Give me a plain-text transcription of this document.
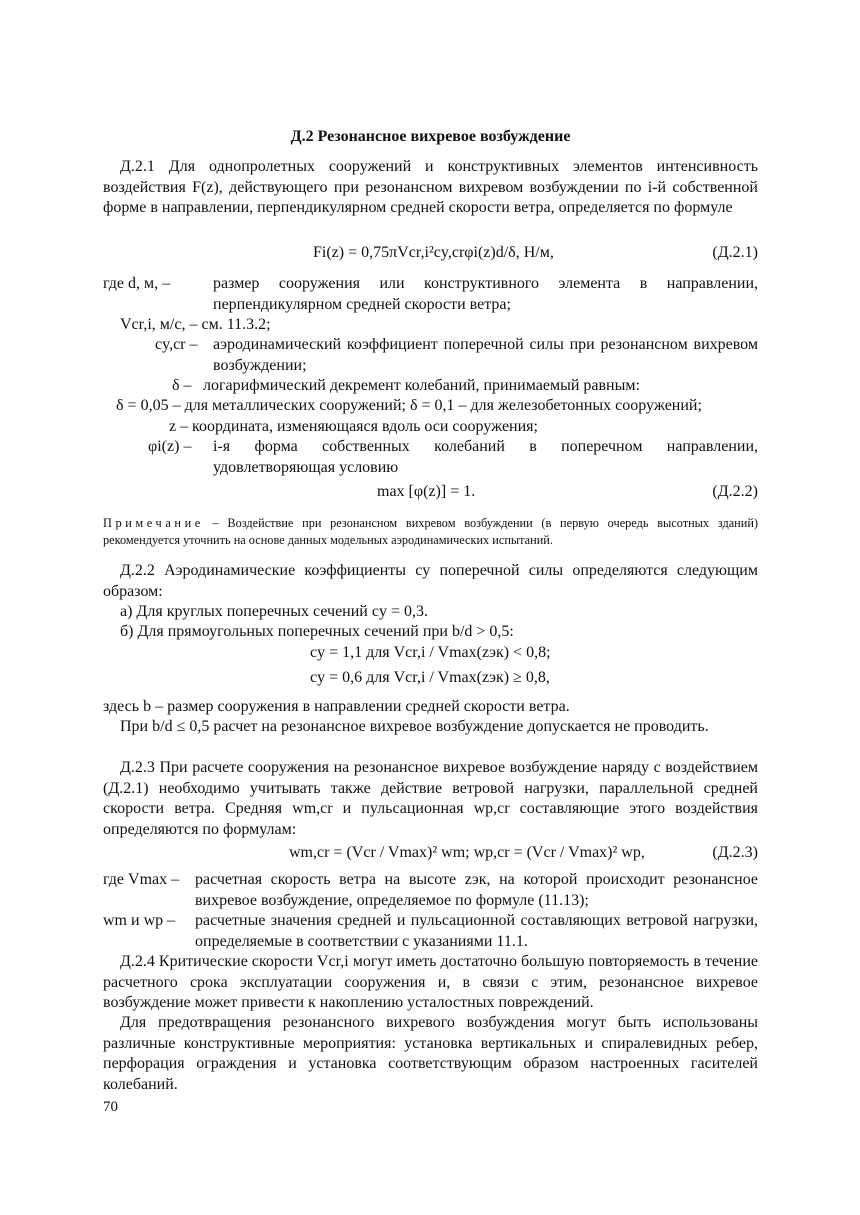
Д.2 Резонансное вихревое возбуждение
Д.2.1 Для однопролетных сооружений и конструктивных элементов интенсивность воздействия F(z), действующего при резонансном вихревом возбуждении по i-й собственной форме в направлении, перпендикулярном средней скорости ветра, определяется по формуле
Fi(z) = 0,75πVcr,i²cy,crφi(z)d/δ, Н/м,	(Д.2.1)
где d, м, –	размер сооружения или конструктивного элемента в направлении, перпендикулярном средней скорости ветра;
Vcr,i, м/с, – см. 11.3.2;
cy,cr – аэродинамический коэффициент поперечной силы при резонансном вихревом возбуждении;
δ – логарифмический декремент колебаний, принимаемый равным:
δ = 0,05 – для металлических сооружений; δ = 0,1 – для железобетонных сооружений;
z – координата, изменяющаяся вдоль оси сооружения;
φi(z) – i-я форма собственных колебаний в поперечном направлении, удовлетворяющая условию
max [φ(z)] = 1.	(Д.2.2)
Примечание – Воздействие при резонансном вихревом возбуждении (в первую очередь высотных зданий) рекомендуется уточнить на основе данных модельных аэродинамических испытаний.
Д.2.2 Аэродинамические коэффициенты cy поперечной силы определяются следующим образом:
а) Для круглых поперечных сечений cy = 0,3.
б) Для прямоугольных поперечных сечений при b/d > 0,5:
cy = 1,1 для Vcr,i / Vmax(zэк) < 0,8;
cy = 0,6 для Vcr,i / Vmax(zэк) ≥ 0,8,
здесь b – размер сооружения в направлении средней скорости ветра.
При b/d ≤ 0,5 расчет на резонансное вихревое возбуждение допускается не проводить.
Д.2.3 При расчете сооружения на резонансное вихревое возбуждение наряду с воздействием (Д.2.1) необходимо учитывать также действие ветровой нагрузки, параллельной средней скорости ветра. Средняя wm,cr и пульсационная wp,cr составляющие этого воздействия определяются по формулам:
wm,cr = (Vcr / Vmax)² wm; wp,cr = (Vcr / Vmax)² wp,	(Д.2.3)
где Vmax – расчетная скорость ветра на высоте zэк, на которой происходит резонансное вихревое возбуждение, определяемое по формуле (11.13);
wm и wp – расчетные значения средней и пульсационной составляющих ветровой нагрузки, определяемые в соответствии с указаниями 11.1.
Д.2.4 Критические скорости Vcr,i могут иметь достаточно большую повторяемость в течение расчетного срока эксплуатации сооружения и, в связи с этим, резонансное вихревое возбуждение может привести к накоплению усталостных повреждений.
Для предотвращения резонансного вихревого возбуждения могут быть использованы различные конструктивные мероприятия: установка вертикальных и спиралевидных ребер, перфорация ограждения и установка соответствующим образом настроенных гасителей колебаний.
70
